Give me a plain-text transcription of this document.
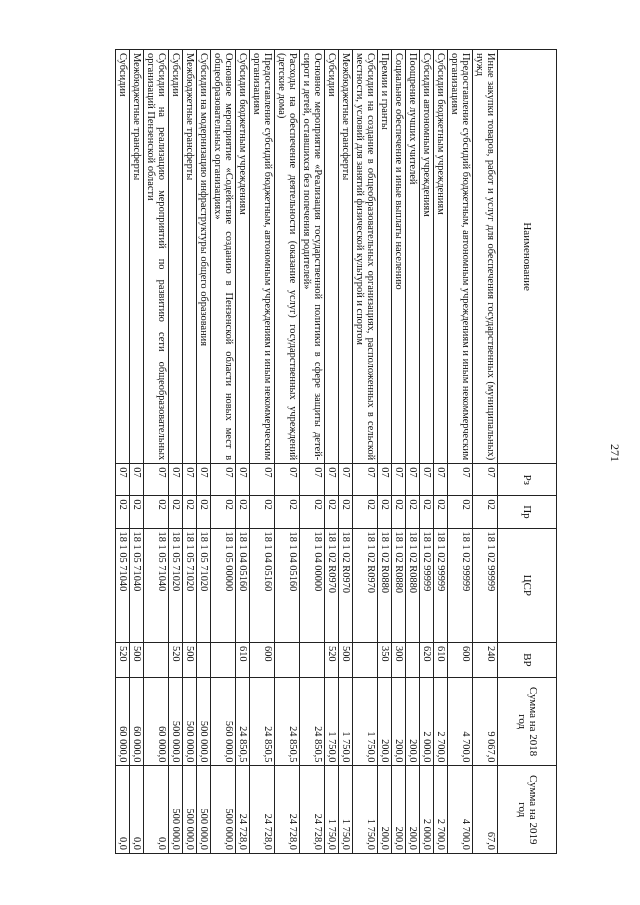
271
Наименование	Рз	Пр	ЦСР	ВР	Сумма на 2018 год	Сумма на 2019 год
Иные закупки товаров, работ и услуг для обеспечения государственных (муниципальных) нужд	07	02	18 1 02 99999	240	9 067,0	67,0
Предоставление субсидий бюджетным, автономным учреждениям и иным некоммерческим организациям	07	02	18 1 02 99999	600	4 700,0	4 700,0
Субсидии бюджетным учреждениям	07	02	18 1 02 99999	610	2 700,0	2 700,0
Субсидии автономным учреждениям	07	02	18 1 02 99999	620	2 000,0	2 000,0
Поощрение лучших учителей	07	02	18 1 02 R0880		200,0	200,0
Социальное обеспечение и иные выплаты населению	07	02	18 1 02 R0880	300	200,0	200,0
Премии и гранты	07	02	18 1 02 R0880	350	200,0	200,0
Субсидии на создание в общеобразовательных организациях, расположенных в сельской местности, условий для занятий физической культурой и спортом	07	02	18 1 02 R0970		1 750,0	1 750,0
Межбюджетные трансферты	07	02	18 1 02 R0970	500	1 750,0	1 750,0
Субсидии	07	02	18 1 02 R0970	520	1 750,0	1 750,0
Основное мероприятие «Реализация государственной политики в сфере защиты детей-сирот и детей, оставшихся без попечения родителей»	07	02	18 1 04 00000		24 850,5	24 728,0
Расходы на обеспечение деятельности (оказание услуг) государственных учреждений (детские дома)	07	02	18 1 04 05160		24 850,5	24 728,0
Предоставление субсидий бюджетным, автономным учреждениям и иным некоммерческим организациям	07	02	18 1 04 05160	600	24 850,5	24 728,0
Субсидии бюджетным учреждениям	07	02	18 1 04 05160	610	24 850,5	24 728,0
Основное мероприятие «Содействие созданию в Пензенской области новых мест в общеобразовательных организациях»	07	02	18 1 05 00000		560 000,0	500 000,0
Субсидии на модернизацию инфраструктуры общего образования	07	02	18 1 05 71020		500 000,0	500 000,0
Межбюджетные трансферты	07	02	18 1 05 71020	500	500 000,0	500 000,0
Субсидии	07	02	18 1 05 71020	520	500 000,0	500 000,0
Субсидии на реализацию мероприятий по развитию сети общеобразовательных организаций Пензенской области	07	02	18 1 05 71040		60 000,0	0,0
Межбюджетные трансферты	07	02	18 1 05 71040	500	60 000,0	0,0
Субсидии	07	02	18 1 05 71040	520	60 000,0	0,0
